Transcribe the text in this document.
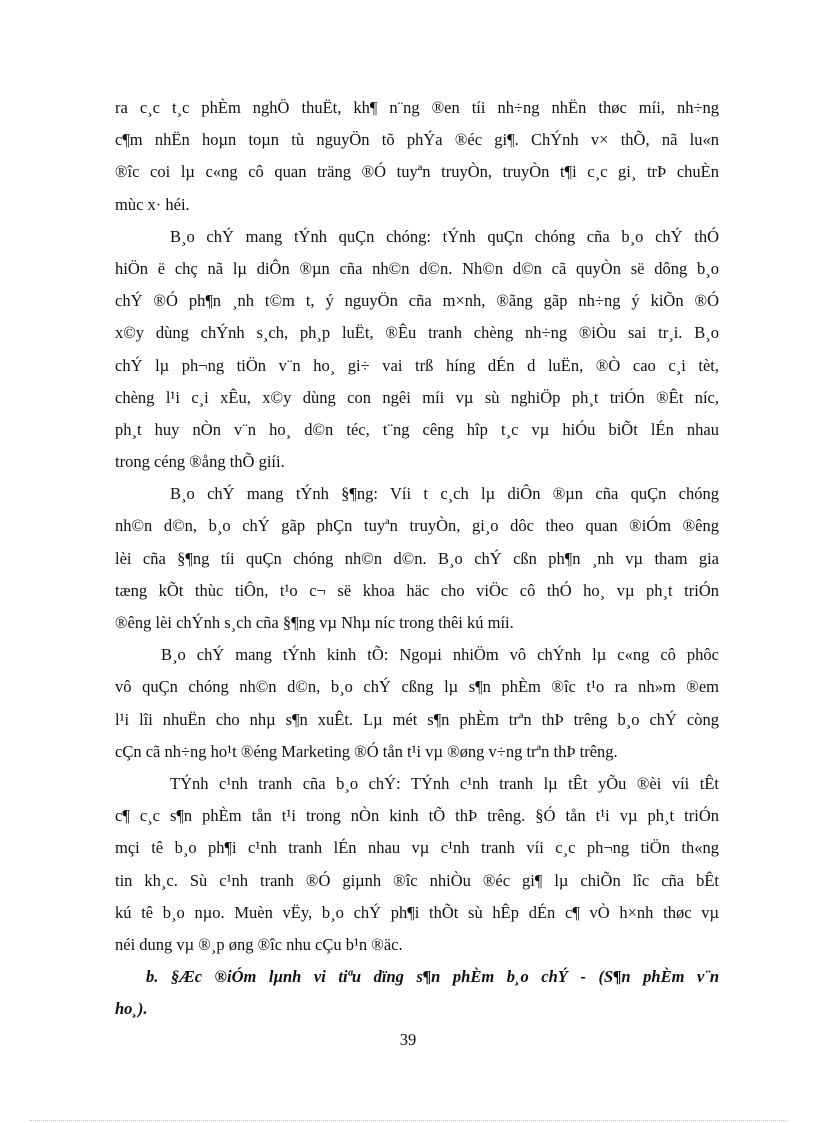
ra c¸c t¸c phÈm nghÖ thuËt, kh¶ n¨ng ®en tíi nh÷ng nhËn thøc míi, nh÷ng
c¶m nhËn hoµn toµn tù nguyÖn tõ phÝa ®éc gi¶. ChÝnh v× thÕ, nã lu«n
®îc coi lµ c«ng cô quan träng ®Ó tuyªn truyÒn, truyÒn t¶i c¸c gi¸ trÞ chuÈn
mùc x· héi.
B¸o chÝ mang tÝnh quÇn chóng: tÝnh quÇn chóng cña b¸o chÝ thÓ
hiÖn ë chç nã lµ diÔn ®µn cña nh©n d©n. Nh©n d©n cã quyÒn së dông b¸o
chÝ ®Ó ph¶n ¸nh t©m t, ý nguyÖn cña m×nh, ®ãng gãp nh÷ng ý kiÕn ®Ó
x©y dùng chÝnh s¸ch, ph¸p luËt, ®Êu tranh chèng nh÷ng ®iÒu sai tr¸i. B¸o
chÝ lµ ph¬ng tiÖn v¨n ho¸ gi÷ vai trß híng dÉn d luËn, ®Ò cao c¸i tèt,
chèng l¹i c¸i xÊu, x©y dùng con ngêi míi vµ sù nghiÖp ph¸t triÓn ®Êt níc,
ph¸t huy nÒn v¨n ho¸ d©n téc, t¨ng cêng hîp t¸c vµ hiÓu biÕt lÉn nhau
trong céng ®ång thÕ giíi.
B¸o chÝ mang tÝnh §¶ng: Víi t c¸ch lµ diÔn ®µn cña quÇn chóng
nh©n d©n, b¸o chÝ gãp phÇn tuyªn truyÒn, gi¸o dôc theo quan ®iÓm ®êng
lèi cña §¶ng tíi quÇn chóng nh©n d©n. B¸o chÝ cßn ph¶n ¸nh vµ tham gia
tæng kÕt thùc tiÔn, t¹o c¬ së khoa häc cho viÖc cô thÓ ho¸ vµ ph¸t triÓn
®êng lèi chÝnh s¸ch cña §¶ng vµ Nhµ níc trong thêi kú míi.
B¸o chÝ mang tÝnh kinh tÕ: Ngoµi nhiÖm vô chÝnh lµ c«ng cô phôc
vô quÇn chóng nh©n d©n, b¸o chÝ cßng lµ s¶n phÈm ®îc t¹o ra nh»m ®em
l¹i lîi nhuËn cho nhµ s¶n xuÊt. Lµ mét s¶n phÈm trªn thÞ trêng b¸o chÝ còng
cÇn cã nh÷ng ho¹t ®éng Marketing ®Ó tån t¹i vµ ®øng v÷ng trªn thÞ trêng.
TÝnh c¹nh tranh cña b¸o chÝ: TÝnh c¹nh tranh lµ tÊt yÕu ®èi víi tÊt
c¶ c¸c s¶n phÈm tån t¹i trong nÒn kinh tÕ thÞ trêng. §Ó tån t¹i vµ ph¸t triÓn
mçi tê b¸o ph¶i c¹nh tranh lÉn nhau vµ c¹nh tranh víi c¸c ph¬ng tiÖn th«ng
tin kh¸c. Sù c¹nh tranh ®Ó giµnh ®îc nhiÒu ®éc gi¶ lµ chiÕn lîc cña bÊt
kú tê b¸o nµo. Muèn vËy, b¸o chÝ ph¶i thÕt sù hÊp dÉn c¶ vÒ h×nh thøc vµ
néi dung vµ ®¸p øng ®îc nhu cÇu b¹n ®äc.
b. §Æc ®iÓm lµnh vi tiªu dïng s¶n phÈm b¸o chÝ - (S¶n phÈm v¨n
ho¸).
39
